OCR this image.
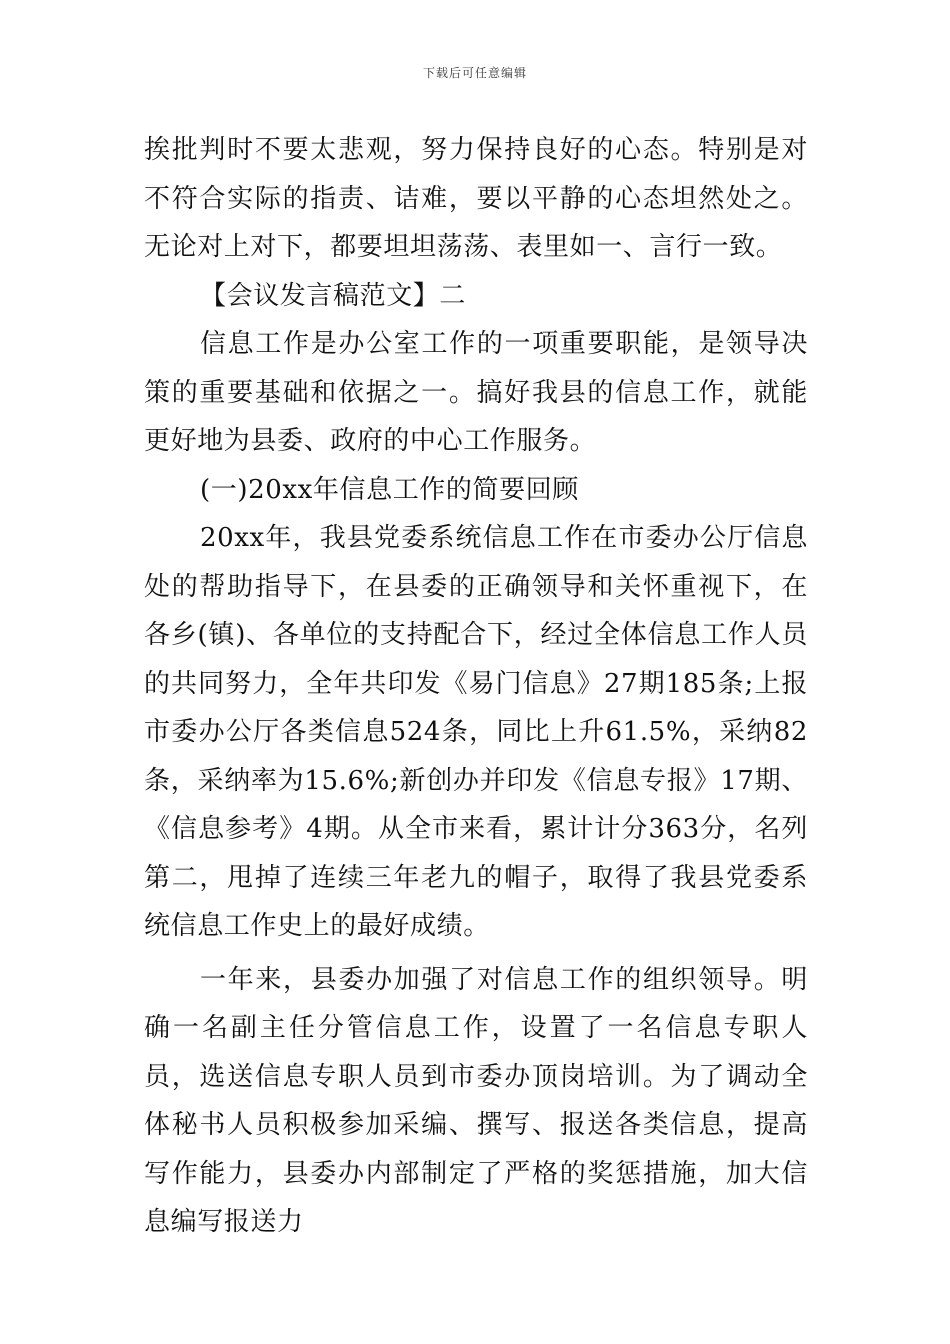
下载后可任意编辑

挨批判时不要太悲观，努力保持良好的心态。特别是对不符合实际的指责、诘难，要以平静的心态坦然处之。无论对上对下，都要坦坦荡荡、表里如一、言行一致。

【会议发言稿范文】二

信息工作是办公室工作的一项重要职能，是领导决策的重要基础和依据之一。搞好我县的信息工作，就能更好地为县委、政府的中心工作服务。

(一)20xx年信息工作的简要回顾

20xx年，我县党委系统信息工作在市委办公厅信息处的帮助指导下，在县委的正确领导和关怀重视下，在各乡(镇)、各单位的支持配合下，经过全体信息工作人员的共同努力，全年共印发《易门信息》27期185条;上报市委办公厅各类信息524条，同比上升61.5%，采纳82条，采纳率为15.6%;新创办并印发《信息专报》17期、《信息参考》4期。从全市来看，累计计分363分，名列第二，甩掉了连续三年老九的帽子，取得了我县党委系统信息工作史上的最好成绩。

一年来，县委办加强了对信息工作的组织领导。明确一名副主任分管信息工作，设置了一名信息专职人员，选送信息专职人员到市委办顶岗培训。为了调动全体秘书人员积极参加采编、撰写、报送各类信息，提高写作能力，县委办内部制定了严格的奖惩措施，加大信息编写报送力
